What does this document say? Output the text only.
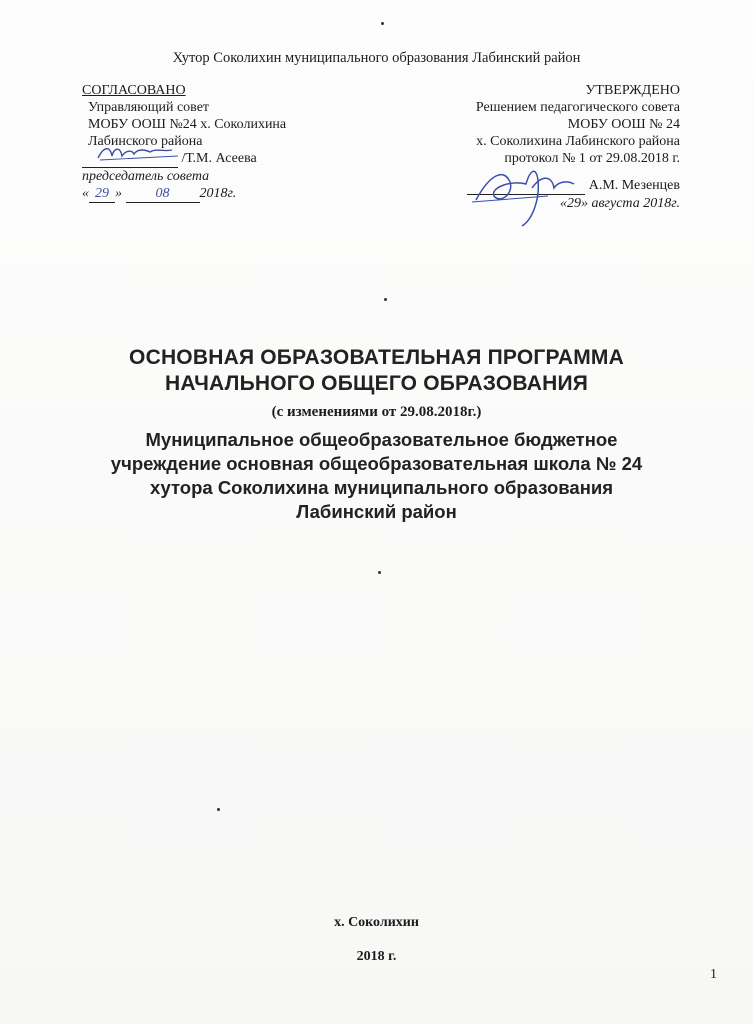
Хутор Соколихин муниципального образования Лабинский район
СОГЛАСОВАНО
Управляющий совет
МОБУ ООШ №24 х. Соколихина
Лабинского района
/Т.М. Асеева
председатель совета
« 29 » 08 2018г.
УТВЕРЖДЕНО
Решением педагогического совета
МОБУ ООШ № 24
х. Соколихина Лабинского района
протокол № 1 от 29.08.2018 г.
А.М. Мезенцев
«29» августа 2018г.
ОСНОВНАЯ ОБРАЗОВАТЕЛЬНАЯ ПРОГРАММА
НАЧАЛЬНОГО ОБЩЕГО ОБРАЗОВАНИЯ
(с изменениями от 29.08.2018г.)
Муниципальное общеобразовательное бюджетное
учреждение основная общеобразовательная школа № 24
хутора Соколихина муниципального образования
Лабинский район
х. Соколихин
2018 г.
1
